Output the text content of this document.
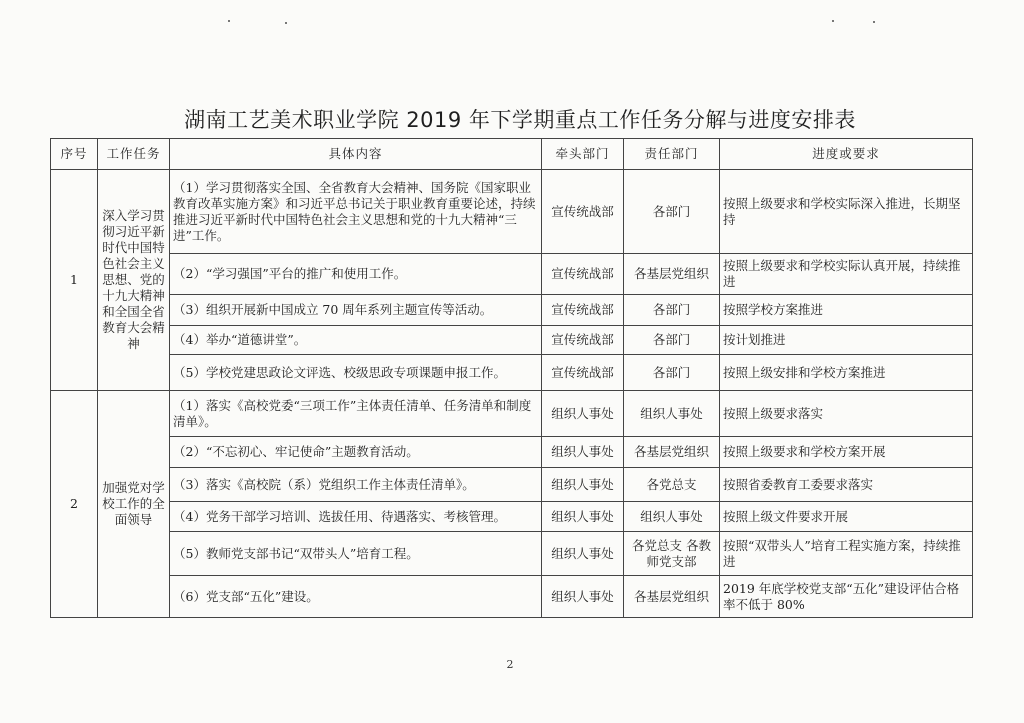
湖南工艺美术职业学院 2019 年下学期重点工作任务分解与进度安排表
序号	工作任务	具体内容	牵头部门	责任部门	进度或要求
1	深入学习贯彻习近平新时代中国特色社会主义思想、党的十九大精神和全国全省教育大会精神	（1）学习贯彻落实全国、全省教育大会精神、国务院《国家职业教育改革实施方案》和习近平总书记关于职业教育重要论述，持续推进习近平新时代中国特色社会主义思想和党的十九大精神“三进”工作。	宣传统战部	各部门	按照上级要求和学校实际深入推进，长期坚持
		（2）“学习强国”平台的推广和使用工作。	宣传统战部	各基层党组织	按照上级要求和学校实际认真开展，持续推进
		（3）组织开展新中国成立 70 周年系列主题宣传等活动。	宣传统战部	各部门	按照学校方案推进
		（4）举办“道德讲堂”。	宣传统战部	各部门	按计划推进
		（5）学校党建思政论文评选、校级思政专项课题申报工作。	宣传统战部	各部门	按照上级安排和学校方案推进
2	加强党对学校工作的全面领导	（1）落实《高校党委“三项工作”主体责任清单、任务清单和制度清单》。	组织人事处	组织人事处	按照上级要求落实
		（2）“不忘初心、牢记使命”主题教育活动。	组织人事处	各基层党组织	按照上级要求和学校方案开展
		（3）落实《高校院（系）党组织工作主体责任清单》。	组织人事处	各党总支	按照省委教育工委要求落实
		（4）党务干部学习培训、选拔任用、待遇落实、考核管理。	组织人事处	组织人事处	按照上级文件要求开展
		（5）教师党支部书记“双带头人”培育工程。	组织人事处	各党总支 各教师党支部	按照“双带头人”培育工程实施方案，持续推进
		（6）党支部“五化”建设。	组织人事处	各基层党组织	2019 年底学校党支部“五化”建设评估合格率不低于 80%
2
